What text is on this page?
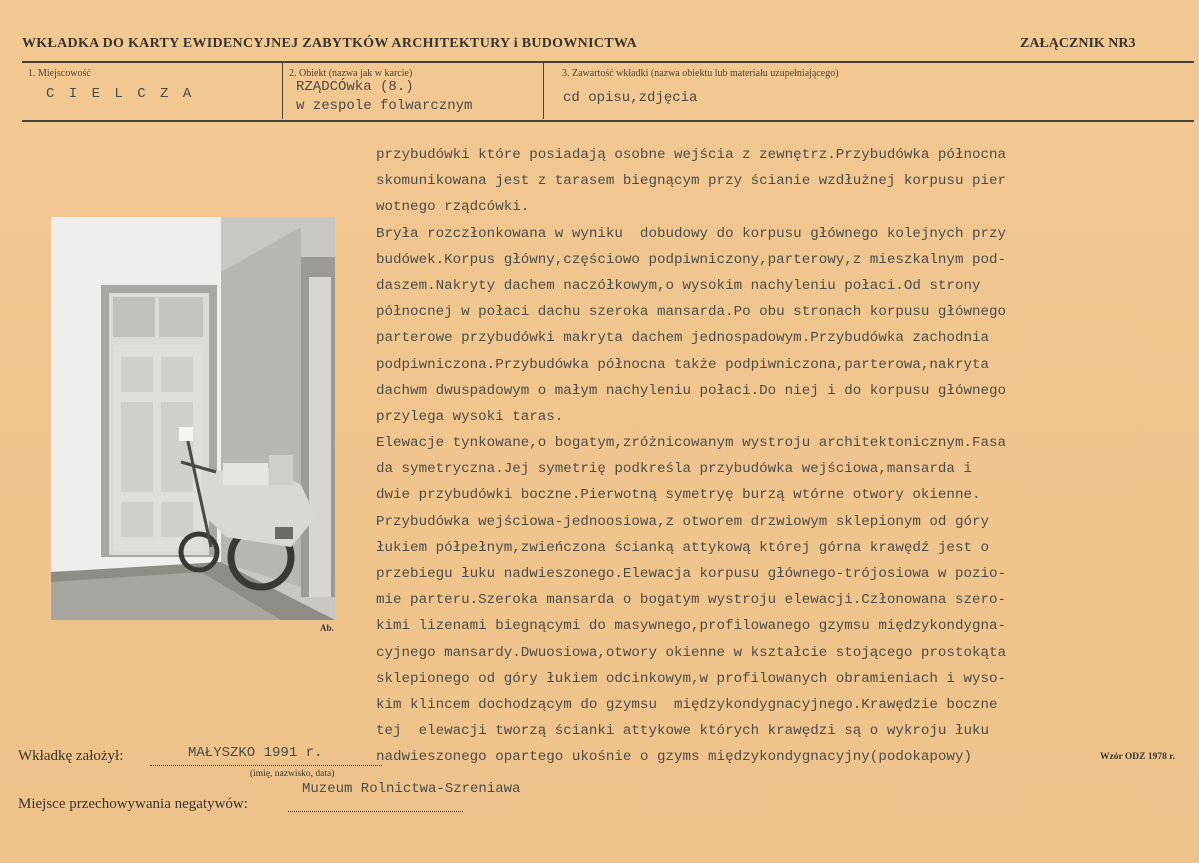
WKŁADKA DO KARTY EWIDENCYJNEJ ZABYTKÓW ARCHITEKTURY i BUDOWNICTWA	ZAŁĄCZNIK NR3
1. Miejscowość
C I E L C Z A
2. Obiekt (nazwa jak w karcie)
RZĄDCÓwka (8.)
w zespole folwarcznym
3. Zawartość wkładki (nazwa obiektu lub materiału uzupełniającego)
cd opisu,zdjęcia
Ab.
przybudówki które posiadają osobne wejścia z zewnętrz.Przybudówka północna
skomunikowana jest z tarasem biegnącym przy ścianie wzdłużnej korpusu pier
wotnego rządcówki.
Bryła rozczłonkowana w wyniku  dobudowy do korpusu głównego kolejnych przy
budówek.Korpus główny,częściowo podpiwniczony,parterowy,z mieszkalnym pod-
daszem.Nakryty dachem naczółkowym,o wysokim nachyleniu połaci.Od strony
północnej w połaci dachu szeroka mansarda.Po obu stronach korpusu głównego
parterowe przybudówki makryta dachem jednospadowym.Przybudówka zachodnia
podpiwniczona.Przybudówka północna także podpiwniczona,parterowa,nakryta
dachwm dwuspadowym o małym nachyleniu połaci.Do niej i do korpusu głównego
przylega wysoki taras.
Elewacje tynkowane,o bogatym,zróżnicowanym wystroju architektonicznym.Fasa
da symetryczna.Jej symetrię podkreśla przybudówka wejściowa,mansarda i
dwie przybudówki boczne.Pierwotną symetryę burzą wtórne otwory okienne.
Przybudówka wejściowa-jednoosiowa,z otworem drzwiowym sklepionym od góry
łukiem półpełnym,zwieńczona ścianką attykową której górna krawędź jest o
przebiegu łuku nadwieszonego.Elewacja korpusu głównego-trójosiowa w pozio-
mie parteru.Szeroka mansarda o bogatym wystroju elewacji.Członowana szero-
kimi lizenami biegnącymi do masywnego,profilowanego gzymsu międzykondygna-
cyjnego mansardy.Dwuosiowa,otwory okienne w kształcie stojącego prostokąta
sklepionego od góry łukiem odcinkowym,w profilowanych obramieniach i wyso-
kim klincem dochodzącym do gzymsu  międzykondygnacyjnego.Krawędzie boczne
tej  elewacji tworzą ścianki attykowe których krawędzi są o wykroju łuku
nadwieszonego opartego ukośnie o gzyms międzykondygnacyjny(podokapowy)
Wkładkę założył:	MAŁYSZKO 1991 r.
(imię, nazwisko, data)
Wzór ODZ 1978 r.
Miejsce przechowywania negatywów:
Muzeum Rolnictwa-Szreniawa
